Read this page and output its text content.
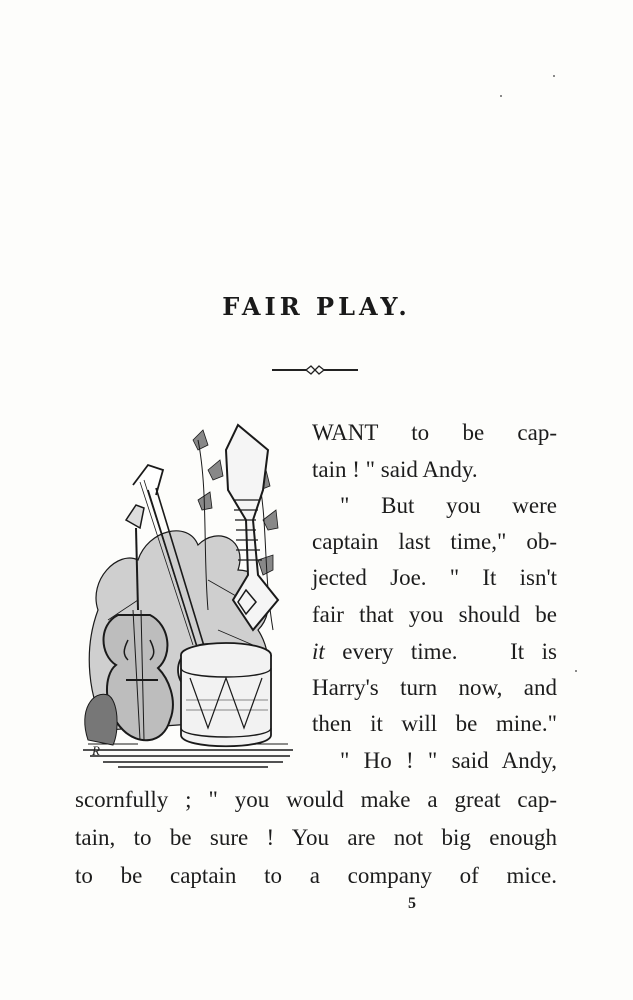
FAIR PLAY.
R
WANT to be cap-
tain ! " said Andy.
" But you were
captain last time," ob-
jected Joe. " It isn't
fair that you should be
it every time.   It is
Harry's turn now, and
then it will be mine."
" Ho ! " said Andy,
scornfully ; " you would make a great cap-
tain, to be sure ! You are not big enough
to be captain to a company of mice.
5
